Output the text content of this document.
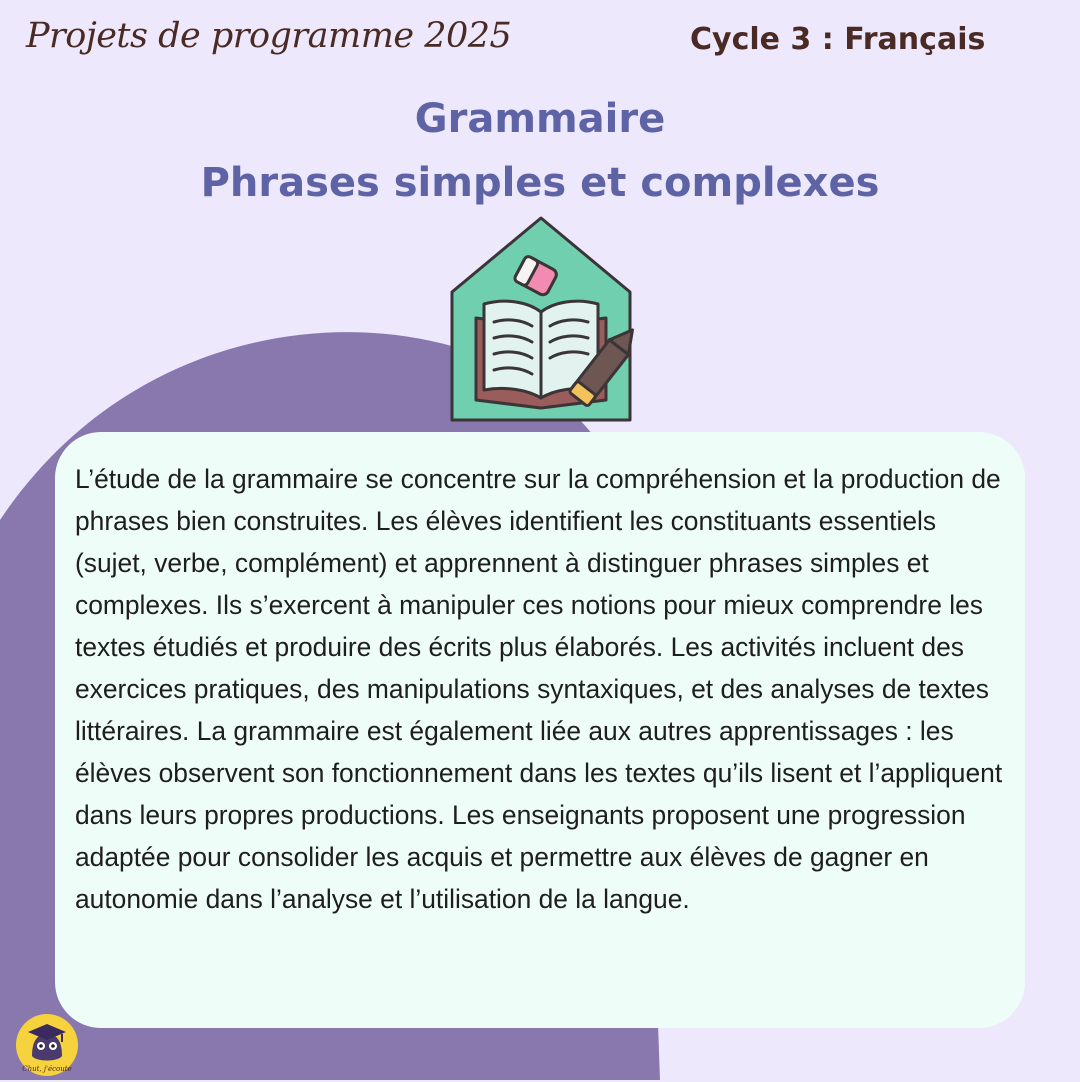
Projets de programme 2025	Cycle 3 : Français
Grammaire
Phrases simples et complexes

L’étude de la grammaire se concentre sur la compréhension et la production de phrases bien construites. Les élèves identifient les constituants essentiels (sujet, verbe, complément) et apprennent à distinguer phrases simples et complexes. Ils s’exercent à manipuler ces notions pour mieux comprendre les textes étudiés et produire des écrits plus élaborés. Les activités incluent des exercices pratiques, des manipulations syntaxiques, et des analyses de textes littéraires. La grammaire est également liée aux autres apprentissages : les élèves observent son fonctionnement dans les textes qu’ils lisent et l’appliquent dans leurs propres productions. Les enseignants proposent une progression adaptée pour consolider les acquis et permettre aux élèves de gagner en autonomie dans l’analyse et l’utilisation de la langue.

Chut, j'écoute
